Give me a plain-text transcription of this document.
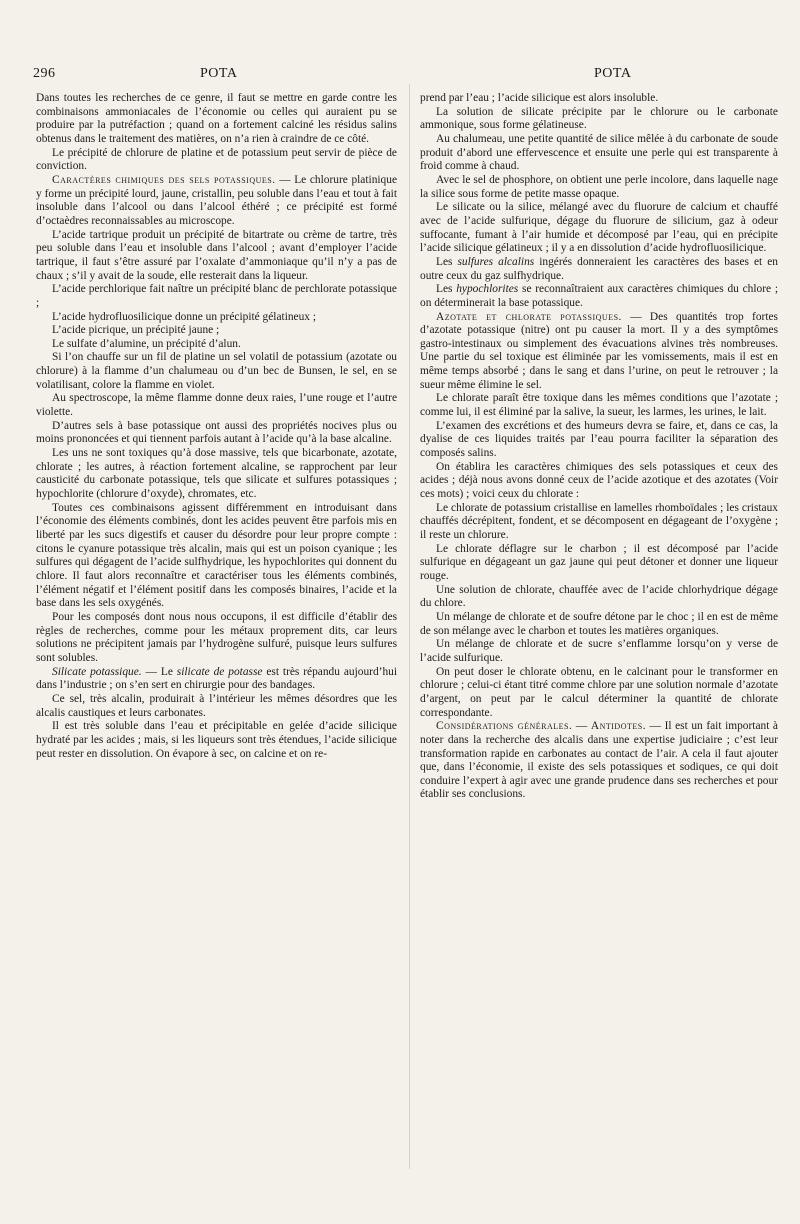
296	POTA	POTA

Dans toutes les recherches de ce genre, il faut se mettre en garde contre les combinaisons ammoniacales de l’économie ou celles qui auraient pu se produire par la putréfaction ; quand on a fortement calciné les résidus salins obtenus dans le traitement des matières, on n’a rien à craindre de ce côté.

Le précipité de chlorure de platine et de potassium peut servir de pièce de conviction.

Caractères chimiques des sels potassiques. — Le chlorure platinique y forme un précipité lourd, jaune, cristallin, peu soluble dans l’eau et tout à fait insoluble dans l’alcool ou dans l’alcool éthéré ; ce précipité est formé d’octaèdres reconnaissables au microscope.

L’acide tartrique produit un précipité de bitartrate ou crème de tartre, très peu soluble dans l’eau et insoluble dans l’alcool ; avant d’employer l’acide tartrique, il faut s’être assuré par l’oxalate d’ammoniaque qu’il n’y a pas de chaux ; s’il y avait de la soude, elle resterait dans la liqueur.

L’acide perchlorique fait naître un précipité blanc de perchlorate potassique ;

L’acide hydrofluosilicique donne un précipité gélatineux ;

L’acide picrique, un précipité jaune ;

Le sulfate d’alumine, un précipité d’alun.

Si l’on chauffe sur un fil de platine un sel volatil de potassium (azotate ou chlorure) à la flamme d’un chalumeau ou d’un bec de Bunsen, le sel, en se volatilisant, colore la flamme en violet.

Au spectroscope, la même flamme donne deux raies, l’une rouge et l’autre violette.

D’autres sels à base potassique ont aussi des propriétés nocives plus ou moins prononcées et qui tiennent parfois autant à l’acide qu’à la base alcaline.

Les uns ne sont toxiques qu’à dose massive, tels que bicarbonate, azotate, chlorate ; les autres, à réaction fortement alcaline, se rapprochent par leur causticité du carbonate potassique, tels que silicate et sulfures potassiques ; hypochlorite (chlorure d’oxyde), chromates, etc.

Toutes ces combinaisons agissent différemment en introduisant dans l’économie des éléments combinés, dont les acides peuvent être parfois mis en liberté par les sucs digestifs et causer du désordre pour leur propre compte : citons le cyanure potassique très alcalin, mais qui est un poison cyanique ; les sulfures qui dégagent de l’acide sulfhydrique, les hypochlorites qui donnent du chlore. Il faut alors reconnaître et caractériser tous les éléments combinés, l’élément négatif et l’élément positif dans les composés binaires, l’acide et la base dans les sels oxygénés.

Pour les composés dont nous nous occupons, il est difficile d’établir des règles de recherches, comme pour les métaux proprement dits, car leurs solutions ne précipitent jamais par l’hydrogène sulfuré, puisque leurs sulfures sont solubles.

Silicate potassique. — Le silicate de potasse est très répandu aujourd’hui dans l’industrie ; on s’en sert en chirurgie pour des bandages.

Ce sel, très alcalin, produirait à l’intérieur les mêmes désordres que les alcalis caustiques et leurs carbonates.

Il est très soluble dans l’eau et précipitable en gelée d’acide silicique hydraté par les acides ; mais, si les liqueurs sont très étendues, l’acide silicique peut rester en dissolution. On évapore à sec, on calcine et on re-

prend par l’eau ; l’acide silicique est alors insoluble.

La solution de silicate précipite par le chlorure ou le carbonate ammonique, sous forme gélatineuse.

Au chalumeau, une petite quantité de silice mêlée à du carbonate de soude produit d’abord une effervescence et ensuite une perle qui est transparente à froid comme à chaud.

Avec le sel de phosphore, on obtient une perle incolore, dans laquelle nage la silice sous forme de petite masse opaque.

Le silicate ou la silice, mélangé avec du fluorure de calcium et chauffé avec de l’acide sulfurique, dégage du fluorure de silicium, gaz à odeur suffocante, fumant à l’air humide et décomposé par l’eau, qui en précipite l’acide silicique gélatineux ; il y a en dissolution d’acide hydrofluosilicique.

Les sulfures alcalins ingérés donneraient les caractères des bases et en outre ceux du gaz sulfhydrique.

Les hypochlorites se reconnaîtraient aux caractères chimiques du chlore ; on déterminerait la base potassique.

Azotate et chlorate potassiques. — Des quantités trop fortes d’azotate potassique (nitre) ont pu causer la mort. Il y a des symptômes gastro-intestinaux ou simplement des évacuations alvines très nombreuses. Une partie du sel toxique est éliminée par les vomissements, mais il est en même temps absorbé ; dans le sang et dans l’urine, on peut le retrouver ; la sueur même élimine le sel.

Le chlorate paraît être toxique dans les mêmes conditions que l’azotate ; comme lui, il est éliminé par la salive, la sueur, les larmes, les urines, le lait.

L’examen des excrétions et des humeurs devra se faire, et, dans ce cas, la dyalise de ces liquides traités par l’eau pourra faciliter la séparation des composés salins.

On établira les caractères chimiques des sels potassiques et ceux des acides ; déjà nous avons donné ceux de l’acide azotique et des azotates (Voir ces mots) ; voici ceux du chlorate :

Le chlorate de potassium cristallise en lamelles rhomboïdales ; les cristaux chauffés décrépitent, fondent, et se décomposent en dégageant de l’oxygène ; il reste un chlorure.

Le chlorate déflagre sur le charbon ; il est décomposé par l’acide sulfurique en dégageant un gaz jaune qui peut détoner et donner une liqueur rouge.

Une solution de chlorate, chauffée avec de l’acide chlorhydrique dégage du chlore.

Un mélange de chlorate et de soufre détone par le choc ; il en est de même de son mélange avec le charbon et toutes les matières organiques.

Un mélange de chlorate et de sucre s’enflamme lorsqu’on y verse de l’acide sulfurique.

On peut doser le chlorate obtenu, en le calcinant pour le transformer en chlorure ; celui-ci étant titré comme chlore par une solution normale d’azotate d’argent, on peut par le calcul déterminer la quantité de chlorate correspondante.

Considérations générales. — Antidotes. — Il est un fait important à noter dans la recherche des alcalis dans une expertise judiciaire ; c’est leur transformation rapide en carbonates au contact de l’air. A cela il faut ajouter que, dans l’économie, il existe des sels potassiques et sodiques, ce qui doit conduire l’expert à agir avec une grande prudence dans ses recherches et pour établir ses conclusions.
